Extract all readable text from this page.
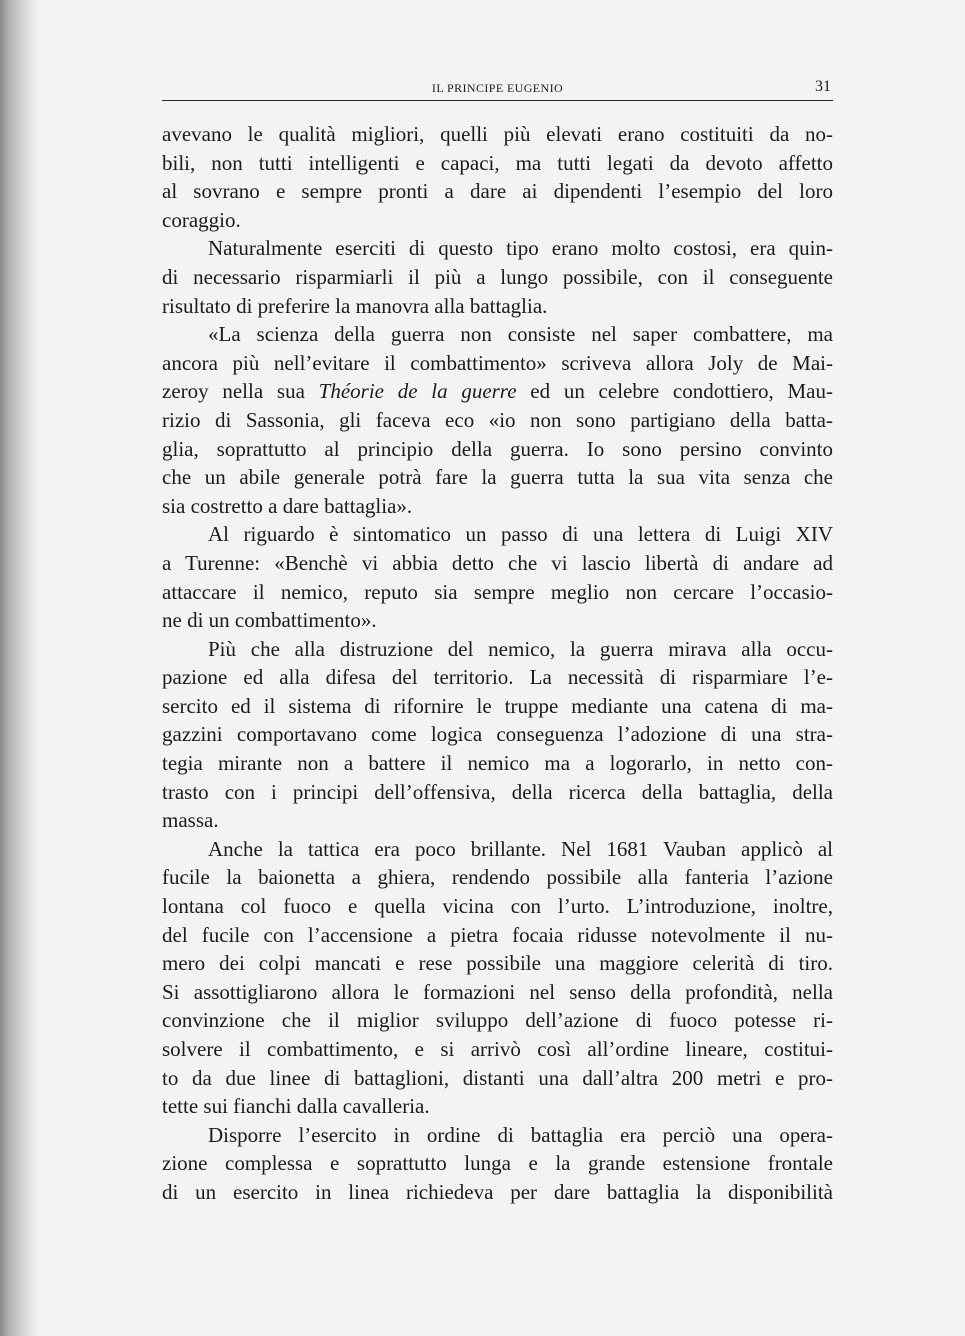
IL PRINCIPE EUGENIO	31
avevano le qualità migliori, quelli più elevati erano costituiti da no-
bili, non tutti intelligenti e capaci, ma tutti legati da devoto affetto
al sovrano e sempre pronti a dare ai dipendenti l’esempio del loro
coraggio.
Naturalmente eserciti di questo tipo erano molto costosi, era quin-
di necessario risparmiarli il più a lungo possibile, con il conseguente
risultato di preferire la manovra alla battaglia.
«La scienza della guerra non consiste nel saper combattere, ma
ancora più nell’evitare il combattimento» scriveva allora Joly de Mai-
zeroy nella sua Théorie de la guerre ed un celebre condottiero, Mau-
rizio di Sassonia, gli faceva eco «io non sono partigiano della batta-
glia, soprattutto al principio della guerra. Io sono persino convinto
che un abile generale potrà fare la guerra tutta la sua vita senza che
sia costretto a dare battaglia».
Al riguardo è sintomatico un passo di una lettera di Luigi XIV
a Turenne: «Benchè vi abbia detto che vi lascio libertà di andare ad
attaccare il nemico, reputo sia sempre meglio non cercare l’occasio-
ne di un combattimento».
Più che alla distruzione del nemico, la guerra mirava alla occu-
pazione ed alla difesa del territorio. La necessità di risparmiare l’e-
sercito ed il sistema di rifornire le truppe mediante una catena di ma-
gazzini comportavano come logica conseguenza l’adozione di una stra-
tegia mirante non a battere il nemico ma a logorarlo, in netto con-
trasto con i principi dell’offensiva, della ricerca della battaglia, della
massa.
Anche la tattica era poco brillante. Nel 1681 Vauban applicò al
fucile la baionetta a ghiera, rendendo possibile alla fanteria l’azione
lontana col fuoco e quella vicina con l’urto. L’introduzione, inoltre,
del fucile con l’accensione a pietra focaia ridusse notevolmente il nu-
mero dei colpi mancati e rese possibile una maggiore celerità di tiro.
Si assottigliarono allora le formazioni nel senso della profondità, nella
convinzione che il miglior sviluppo dell’azione di fuoco potesse ri-
solvere il combattimento, e si arrivò così all’ordine lineare, costitui-
to da due linee di battaglioni, distanti una dall’altra 200 metri e pro-
tette sui fianchi dalla cavalleria.
Disporre l’esercito in ordine di battaglia era perciò una opera-
zione complessa e soprattutto lunga e la grande estensione frontale
di un esercito in linea richiedeva per dare battaglia la disponibilità
